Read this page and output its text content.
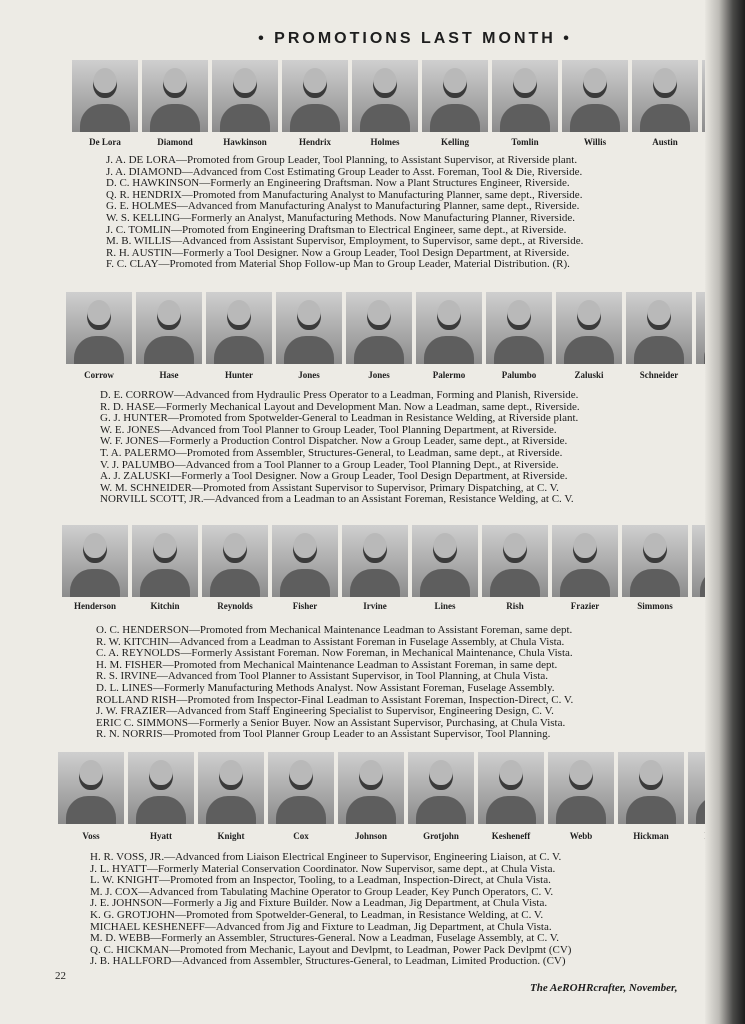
• PROMOTIONS LAST MONTH •
De Lora	Diamond	Hawkinson	Hendrix	Holmes	Kelling	Tomlin	Willis	Austin
J. A. DE LORA—Promoted from Group Leader, Tool Planning, to Assistant Supervisor, at Riverside plant.
J. A. DIAMOND—Advanced from Cost Estimating Group Leader to Asst. Foreman, Tool & Die, Riverside.
D. C. HAWKINSON—Formerly an Engineering Draftsman. Now a Plant Structures Engineer, Riverside.
Q. R. HENDRIX—Promoted from Manufacturing Analyst to Manufacturing Planner, same dept., Riverside.
G. E. HOLMES—Advanced from Manufacturing Analyst to Manufacturing Planner, same dept., Riverside.
W. S. KELLING—Formerly an Analyst, Manufacturing Methods. Now Manufacturing Planner, Riverside.
J. C. TOMLIN—Promoted from Engineering Draftsman to Electrical Engineer, same dept., at Riverside.
M. B. WILLIS—Advanced from Assistant Supervisor, Employment, to Supervisor, same dept., at Riverside.
R. H. AUSTIN—Formerly a Tool Designer. Now a Group Leader, Tool Design Department, at Riverside.
F. C. CLAY—Promoted from Material Shop Follow-up Man to Group Leader, Material Distribution. (R).
Corrow	Hase	Hunter	Jones	Jones	Palermo	Palumbo	Zaluski	Schneider
D. E. CORROW—Advanced from Hydraulic Press Operator to a Leadman, Forming and Planish, Riverside.
R. D. HASE—Formerly Mechanical Layout and Development Man. Now a Leadman, same dept., Riverside.
G. J. HUNTER—Promoted from Spotwelder-General to Leadman in Resistance Welding, at Riverside plant.
W. E. JONES—Advanced from Tool Planner to Group Leader, Tool Planning Department, at Riverside.
W. F. JONES—Formerly a Production Control Dispatcher. Now a Group Leader, same dept., at Riverside.
T. A. PALERMO—Promoted from Assembler, Structures-General, to Leadman, same dept., at Riverside.
V. J. PALUMBO—Advanced from a Tool Planner to a Group Leader, Tool Planning Dept., at Riverside.
A. J. ZALUSKI—Formerly a Tool Designer. Now a Group Leader, Tool Design Department, at Riverside.
W. M. SCHNEIDER—Promoted from Assistant Supervisor to Supervisor, Primary Dispatching, at C. V.
NORVILL SCOTT, JR.—Advanced from a Leadman to an Assistant Foreman, Resistance Welding, at C. V.
Henderson	Kitchin	Reynolds	Fisher	Irvine	Lines	Rish	Frazier	Simmons
O. C. HENDERSON—Promoted from Mechanical Maintenance Leadman to Assistant Foreman, same dept.
R. W. KITCHIN—Advanced from a Leadman to Assistant Foreman in Fuselage Assembly, at Chula Vista.
C. A. REYNOLDS—Formerly Assistant Foreman. Now Foreman, in Mechanical Maintenance, Chula Vista.
H. M. FISHER—Promoted from Mechanical Maintenance Leadman to Assistant Foreman, in same dept.
R. S. IRVINE—Advanced from Tool Planner to Assistant Supervisor, in Tool Planning, at Chula Vista.
D. L. LINES—Formerly Manufacturing Methods Analyst. Now Assistant Foreman, Fuselage Assembly.
ROLLAND RISH—Promoted from Inspector-Final Leadman to Assistant Foreman, Inspection-Direct, C. V.
J. W. FRAZIER—Advanced from Staff Engineering Specialist to Supervisor, Engineering Design, C. V.
ERIC C. SIMMONS—Formerly a Senior Buyer. Now an Assistant Supervisor, Purchasing, at Chula Vista.
R. N. NORRIS—Promoted from Tool Planner Group Leader to an Assistant Supervisor, Tool Planning.
Voss	Hyatt	Knight	Cox	Johnson	Grotjohn	Kesheneff	Webb	Hickman
H. R. VOSS, JR.—Advanced from Liaison Electrical Engineer to Supervisor, Engineering Liaison, at C. V.
J. L. HYATT—Formerly Material Conservation Coordinator. Now Supervisor, same dept., at Chula Vista.
L. W. KNIGHT—Promoted from an Inspector, Tooling, to a Leadman, Inspection-Direct, at Chula Vista.
M. J. COX—Advanced from Tabulating Machine Operator to Group Leader, Key Punch Operators, C. V.
J. E. JOHNSON—Formerly a Jig and Fixture Builder. Now a Leadman, Jig Department, at Chula Vista.
K. G. GROTJOHN—Promoted from Spotwelder-General, to Leadman, in Resistance Welding, at C. V.
MICHAEL KESHENEFF—Advanced from Jig and Fixture to Leadman, Jig Department, at Chula Vista.
M. D. WEBB—Formerly an Assembler, Structures-General. Now a Leadman, Fuselage Assembly, at C. V.
Q. C. HICKMAN—Promoted from Mechanic, Layout and Devlpmt, to Leadman, Power Pack Devlpmt (CV)
J. B. HALLFORD—Advanced from Assembler, Structures-General, to Leadman, Limited Production. (CV)
22
The AeROHRcrafter, November,
